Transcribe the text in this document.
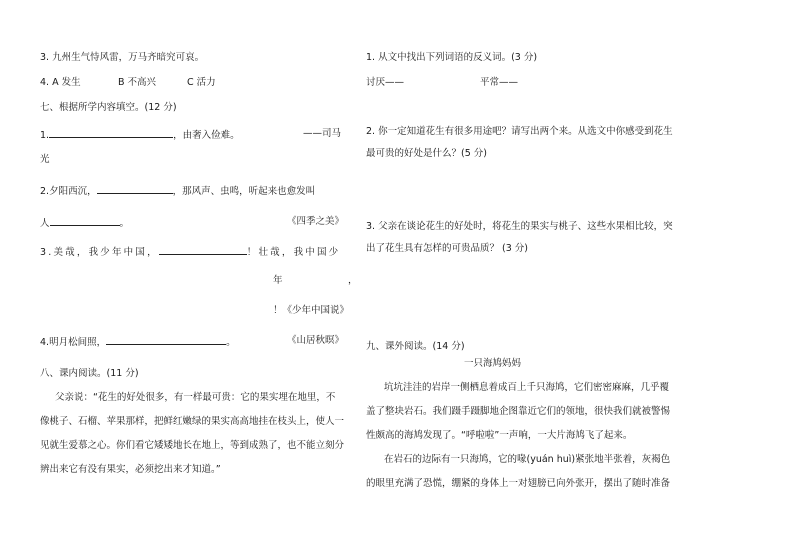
3. 九州生气恃风雷，万马齐暗究可哀。
4. A 发生	B 不高兴	C 活力
七、根据所学内容填空。(12 分)
1.	，由奢入俭难。	——司马
光
2.夕阳西沉，	，那风声、虫鸣，听起来也愈发叫
人	。	《四季之美》
3.美哉，我少年中国，	！壮哉，我中国少
年	，
！《少年中国说》
4.明月松间照，	。	《山居秋暝》
八、课内阅读。(11 分)
父亲说：“花生的好处很多，有一样最可贵：它的果实埋在地里，不
像桃子、石榴、苹果那样，把鲜红嫩绿的果实高高地挂在枝头上，使人一
见就生爱慕之心。你们看它矮矮地长在地上，等到成熟了，也不能立刻分
辨出来它有没有果实，必须挖出来才知道。”
1. 从文中找出下列词语的反义词。(3 分)
讨厌——	平常——
2. 你一定知道花生有很多用途吧？请写出两个来。从选文中你感受到花生
最可贵的好处是什么？(5 分)
3. 父亲在谈论花生的好处时，将花生的果实与桃子、这些水果相比较，突
出了花生具有怎样的可贵品质？ (3 分)
九、课外阅读。(14 分)
一只海鸠妈妈
坑坑洼洼的岩岸一侧栖息着成百上千只海鸠，它们密密麻麻，几乎覆
盖了整块岩石。我们蹑手蹑脚地企图靠近它们的领地，很快我们就被警惕
性颇高的海鸠发现了。“呼啦啦”一声响，一大片海鸠飞了起来。
在岩石的边际有一只海鸠，它的喙(yuán huì)紧张地半张着，灰褐色
的眼里充满了恐慌，绷紧的身体上一对翅膀已向外张开，摆出了随时准备
